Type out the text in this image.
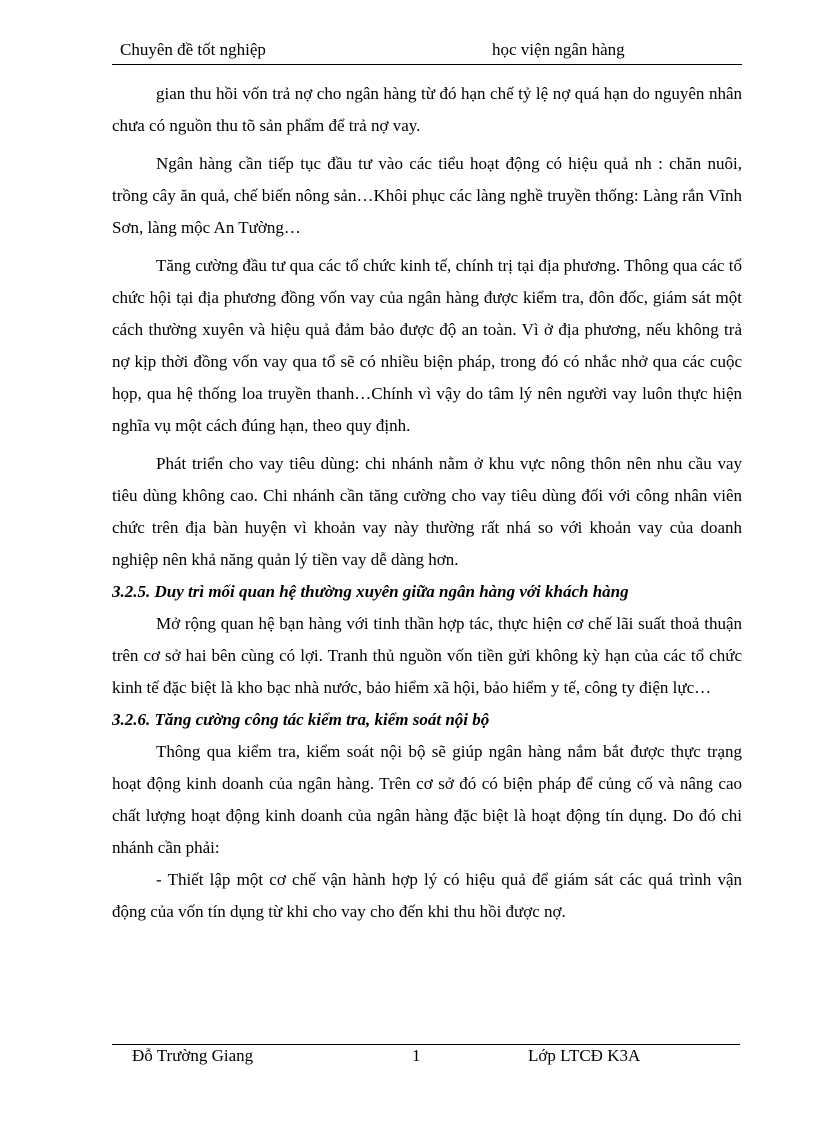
Chuyên đề tốt nghiệp	học viện ngân hàng

gian thu hồi vốn trả nợ cho ngân hàng từ đó hạn chế tỷ lệ nợ quá hạn do nguyên nhân chưa có nguồn thu tõ sản phẩm để trả nợ vay.

Ngân hàng cần tiếp tục đầu tư vào các tiểu hoạt động có hiệu quả nh : chăn nuôi, trồng cây ăn quả, chế biến nông sản…Khôi phục các làng nghề truyền thống: Làng rắn Vĩnh Sơn, làng mộc An Tường…

Tăng cường đầu tư qua các tổ chức kinh tế, chính trị tại địa phương. Thông qua các tổ chức hội tại địa phương đồng vốn vay của ngân hàng được kiểm tra, đôn đốc, giám sát một cách thường xuyên và hiệu quả đảm bảo được độ an toàn. Vì ở địa phương, nếu không trả nợ kịp thời đồng vốn vay qua tổ sẽ có nhiều biện pháp, trong đó có nhắc nhở qua các cuộc họp, qua hệ thống loa truyền thanh…Chính vì vậy do tâm lý nên người vay luôn thực hiện nghĩa vụ một cách đúng hạn, theo quy định.

Phát triển cho vay tiêu dùng: chi nhánh nằm ở khu vực nông thôn nên nhu cầu vay tiêu dùng không cao. Chi nhánh cần tăng cường cho vay tiêu dùng đối với công nhân viên chức trên địa bàn huyện vì khoản vay này thường rất nhá so với khoản vay của doanh nghiệp nên khả năng quản lý tiền vay dễ dàng hơn.

3.2.5. Duy trì mối quan hệ thường xuyên giữa ngân hàng với khách hàng

Mở rộng quan hệ bạn hàng với tinh thần hợp tác, thực hiện cơ chế lãi suất thoả thuận trên cơ sở hai bên cùng có lợi. Tranh thủ nguồn vốn tiền gửi không kỳ hạn của các tổ chức kinh tế đặc biệt là kho bạc nhà nước, bảo hiểm xã hội, bảo hiểm y tế, công ty điện lực…

3.2.6. Tăng cường công tác kiểm tra, kiểm soát nội bộ

Thông qua kiểm tra, kiểm soát nội bộ sẽ giúp ngân hàng nắm bắt được thực trạng hoạt động kinh doanh của ngân hàng. Trên cơ sở đó có biện pháp để củng cố và nâng cao chất lượng hoạt động kinh doanh của ngân hàng đặc biệt là hoạt động tín dụng. Do đó chi nhánh cần phải:

- Thiết lập một cơ chế vận hành hợp lý có hiệu quả để giám sát các quá trình vận động của vốn tín dụng từ khi cho vay cho đến khi thu hồi được nợ.

Đỗ Trường Giang	1	Lớp LTCĐ K3A
